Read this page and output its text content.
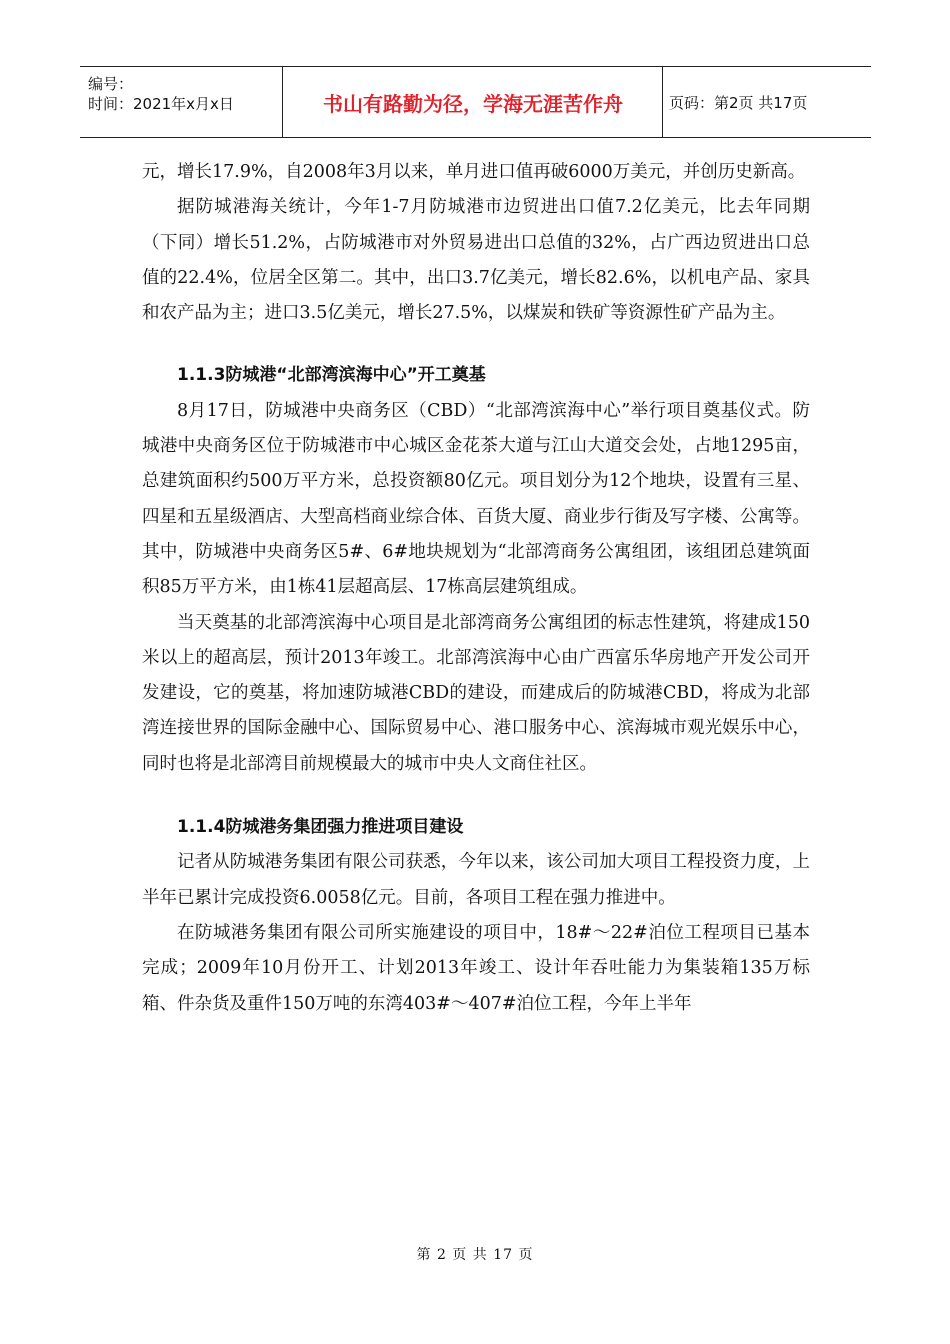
编号：
时间：2021年x月x日	书山有路勤为径，学海无涯苦作舟	页码：第2页 共17页

元，增长17.9%，自2008年3月以来，单月进口值再破6000万美元，并创历史新高。

据防城港海关统计，今年1-7月防城港市边贸进出口值7.2亿美元，比去年同期（下同）增长51.2%，占防城港市对外贸易进出口总值的32%，占广西边贸进出口总值的22.4%，位居全区第二。其中，出口3.7亿美元，增长82.6%，以机电产品、家具和农产品为主；进口3.5亿美元，增长27.5%，以煤炭和铁矿等资源性矿产品为主。

1.1.3防城港“北部湾滨海中心”开工奠基

8月17日，防城港中央商务区（CBD）“北部湾滨海中心”举行项目奠基仪式。防城港中央商务区位于防城港市中心城区金花茶大道与江山大道交会处，占地1295亩，总建筑面积约500万平方米，总投资额80亿元。项目划分为12个地块，设置有三星、四星和五星级酒店、大型高档商业综合体、百货大厦、商业步行街及写字楼、公寓等。其中，防城港中央商务区5#、6#地块规划为“北部湾商务公寓组团，该组团总建筑面积85万平方米，由1栋41层超高层、17栋高层建筑组成。

当天奠基的北部湾滨海中心项目是北部湾商务公寓组团的标志性建筑，将建成150米以上的超高层，预计2013年竣工。北部湾滨海中心由广西富乐华房地产开发公司开发建设，它的奠基，将加速防城港CBD的建设，而建成后的防城港CBD，将成为北部湾连接世界的国际金融中心、国际贸易中心、港口服务中心、滨海城市观光娱乐中心，同时也将是北部湾目前规模最大的城市中央人文商住社区。

1.1.4防城港务集团强力推进项目建设

记者从防城港务集团有限公司获悉，今年以来，该公司加大项目工程投资力度，上半年已累计完成投资6.0058亿元。目前，各项目工程在强力推进中。

在防城港务集团有限公司所实施建设的项目中，18#～22#泊位工程项目已基本完成；2009年10月份开工、计划2013年竣工、设计年吞吐能力为集装箱135万标箱、件杂货及重件150万吨的东湾403#～407#泊位工程，今年上半年

第 2 页 共 17 页
